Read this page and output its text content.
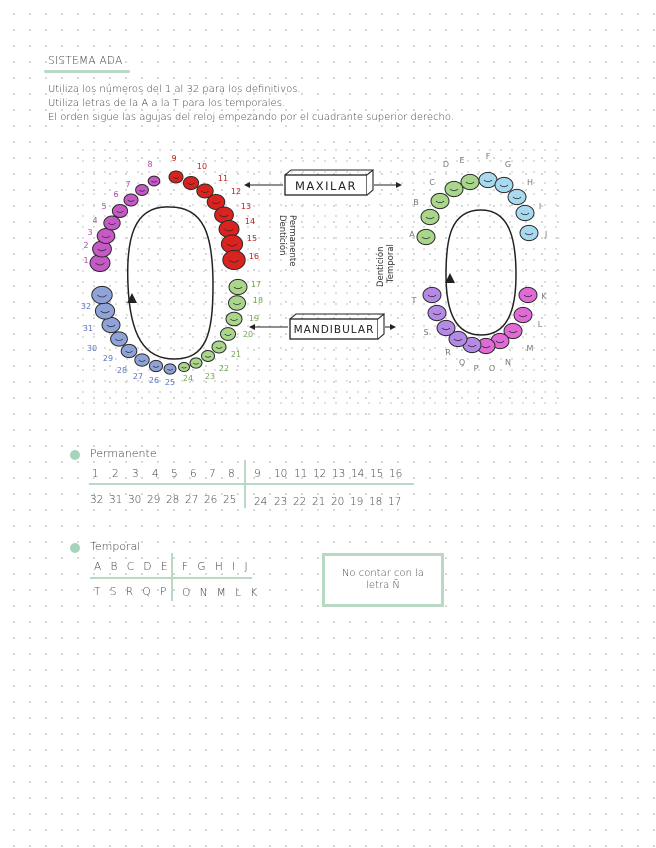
SISTEMA ADA
Utiliza los números del 1 al 32 para los definitivos.
Utiliza letras de la A a la T para los temporales.
El orden sigue las agujas del reloj empezando por el cuadrante superior derecho.
1
2
3
4
5
6
7
8
9
10
11
12
13
14
15
16
17
18
19
20
21
22
23
24
25
26
27
28
29
30
31
32
A
B
C
D E	F
G
H
I
J
K
L
M
N
O
P
Q
R
S
T
MAXILAR
MANDIBULAR
Dentición Permanente
Dentición Temporal
Permanente
1 2 3 4 5 6 7 8	9 10 11 12 13 14 15 16
32 31 30 29 28 27 26 25	24 23 22 21 20 19 18 17
Temporal
A B C D E F G H I J
T S R Q P O N M L K
No contar con la letra Ñ
